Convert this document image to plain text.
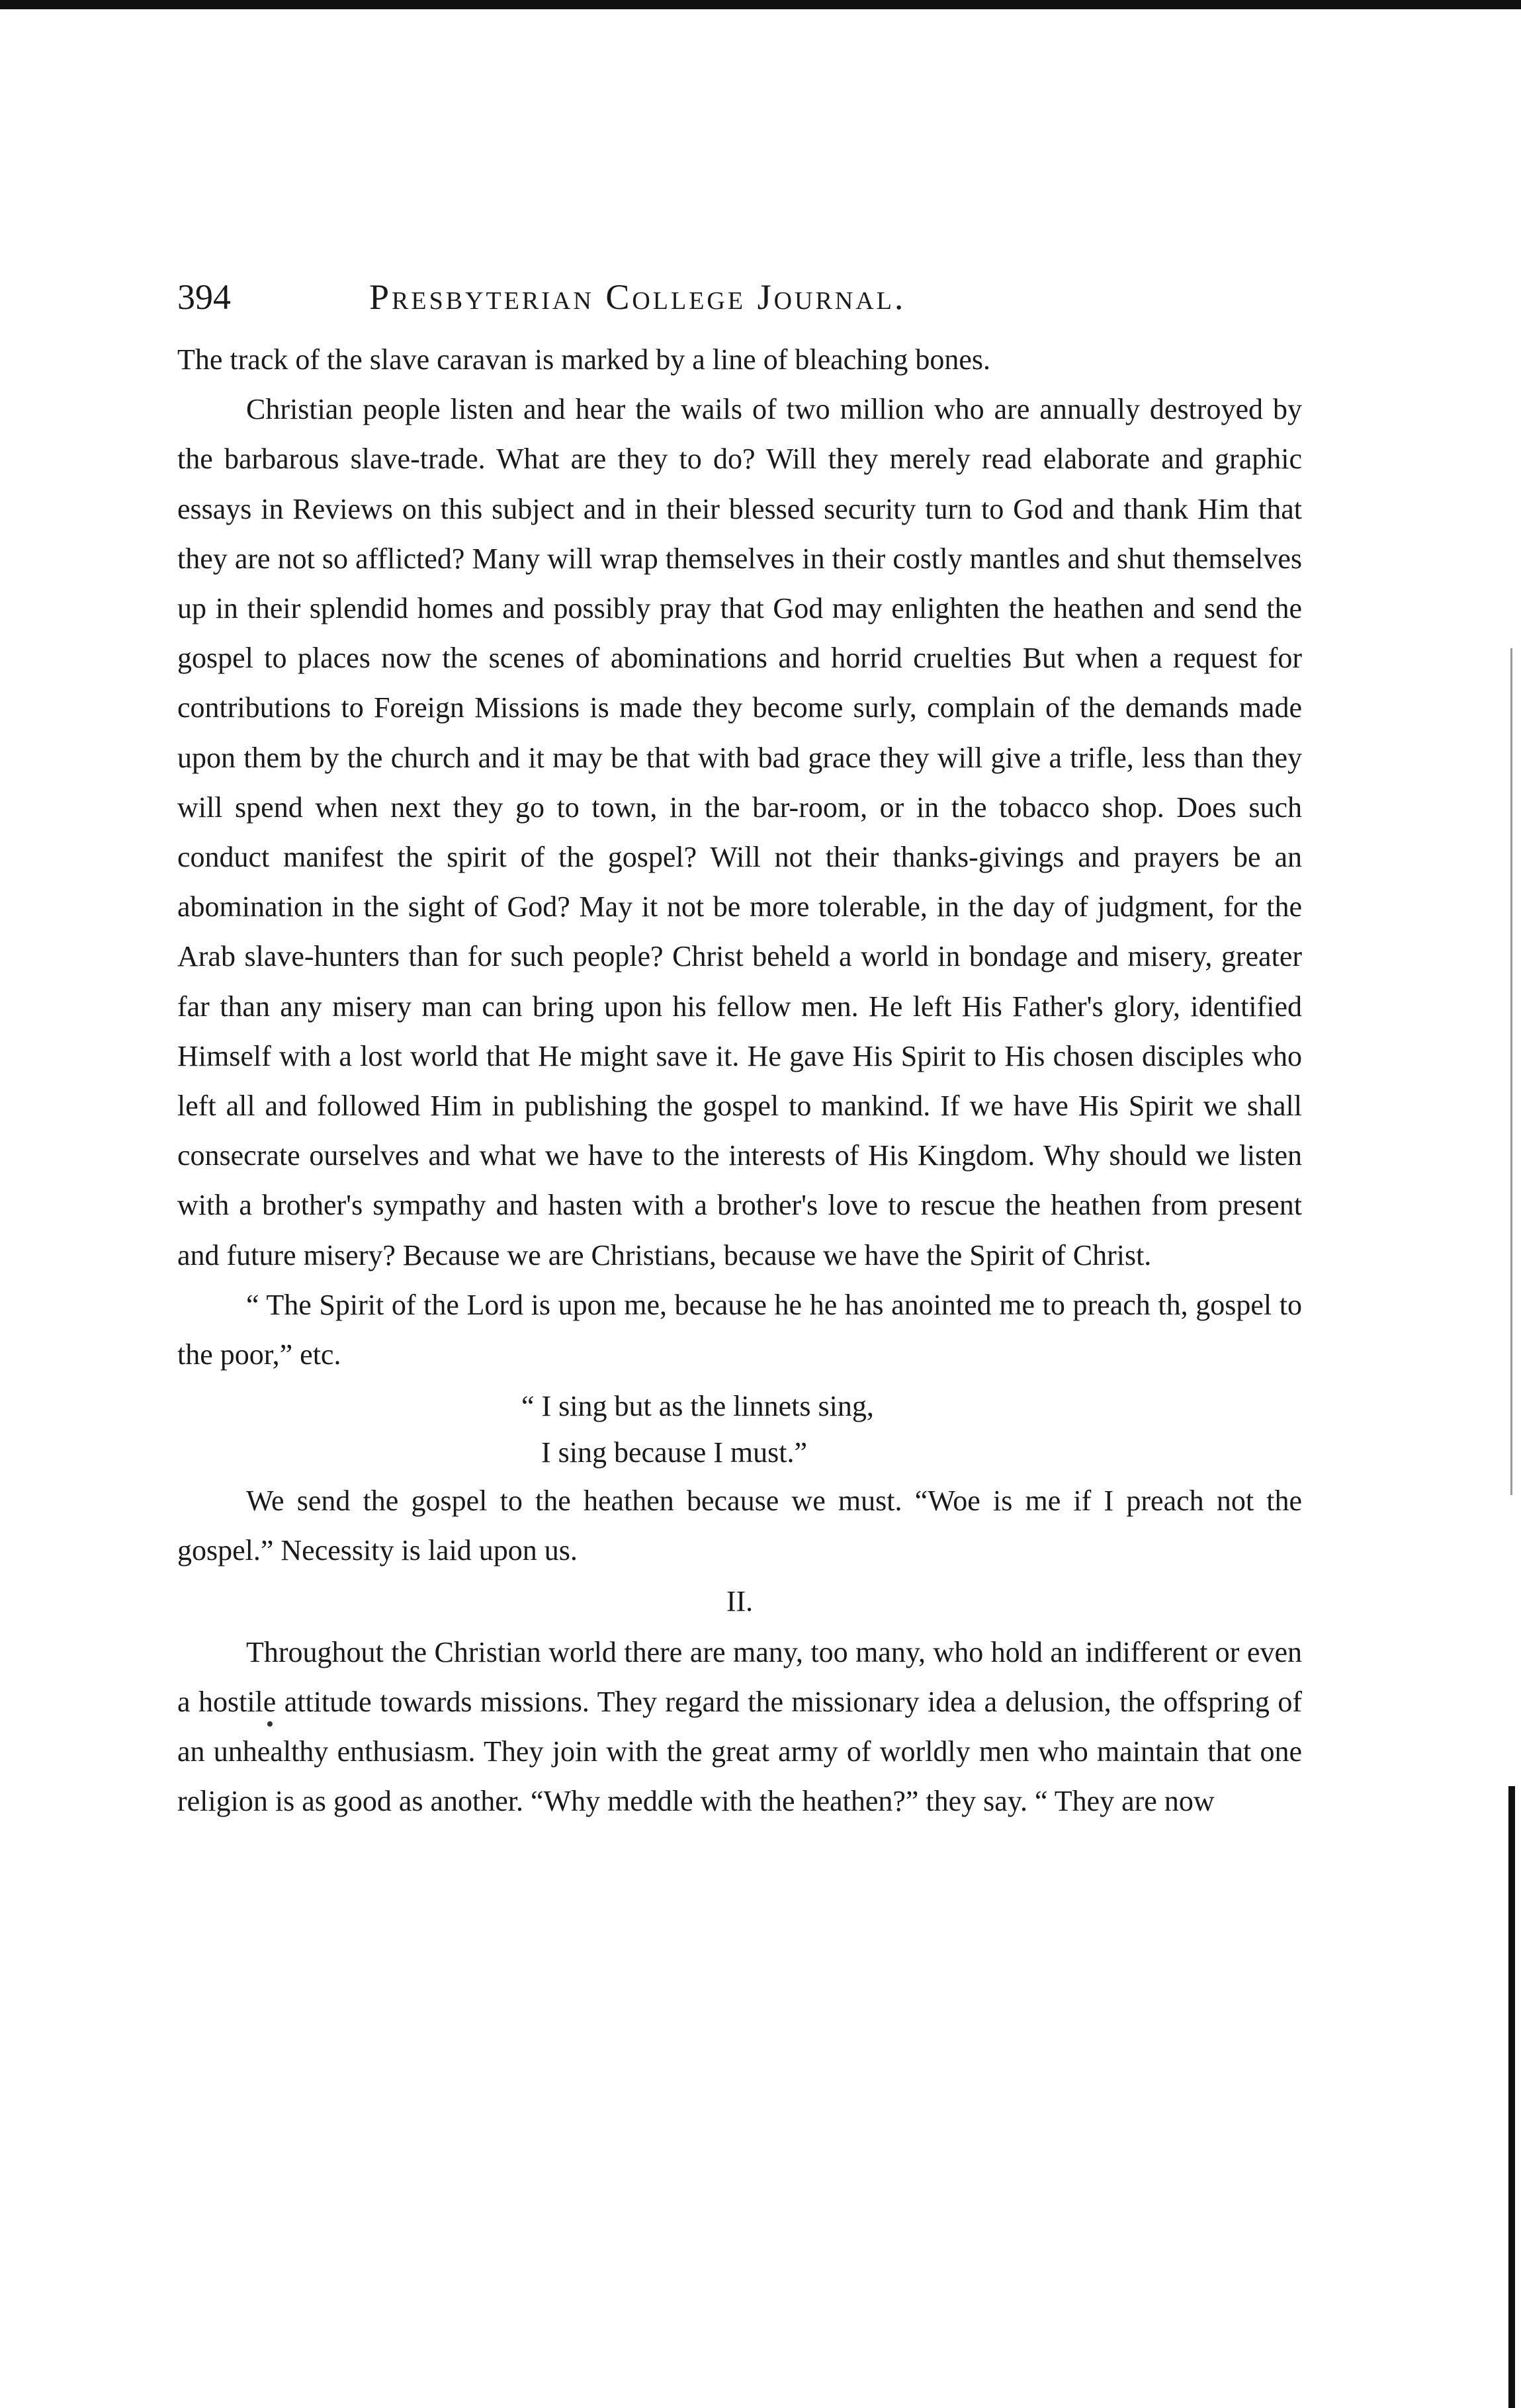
394	Presbyterian College Journal.

The track of the slave caravan is marked by a line of bleaching bones.

Christian people listen and hear the wails of two million who are annually destroyed by the barbarous slave-trade. What are they to do? Will they merely read elaborate and graphic essays in Reviews on this subject and in their blessed security turn to God and thank Him that they are not so afflicted? Many will wrap themselves in their costly mantles and shut themselves up in their splendid homes and possibly pray that God may enlighten the heathen and send the gospel to places now the scenes of abominations and horrid cruelties But when a request for contributions to Foreign Missions is made they become surly, complain of the demands made upon them by the church and it may be that with bad grace they will give a trifle, less than they will spend when next they go to town, in the bar-room, or in the tobacco shop. Does such conduct manifest the spirit of the gospel? Will not their thanks-givings and prayers be an abomination in the sight of God? May it not be more tolerable, in the day of judgment, for the Arab slave-hunters than for such people? Christ beheld a world in bondage and misery, greater far than any misery man can bring upon his fellow men. He left His Father's glory, identified Himself with a lost world that He might save it. He gave His Spirit to His chosen disciples who left all and followed Him in publishing the gospel to mankind. If we have His Spirit we shall consecrate ourselves and what we have to the interests of His Kingdom. Why should we listen with a brother's sympathy and hasten with a brother's love to rescue the heathen from present and future misery? Because we are Christians, because we have the Spirit of Christ.

“ The Spirit of the Lord is upon me, because he he has anointed me to preach th, gospel to the poor,” etc.

“ I sing but as the linnets sing,
I sing because I must.”

We send the gospel to the heathen because we must. “Woe is me if I preach not the gospel.” Necessity is laid upon us.

II.

Throughout the Christian world there are many, too many, who hold an indifferent or even a hostile attitude towards missions. They regard the missionary idea a delusion, the offspring of an unhealthy enthusiasm. They join with the great army of worldly men who maintain that one religion is as good as another. “Why meddle with the heathen?” they say. “ They are now

•
